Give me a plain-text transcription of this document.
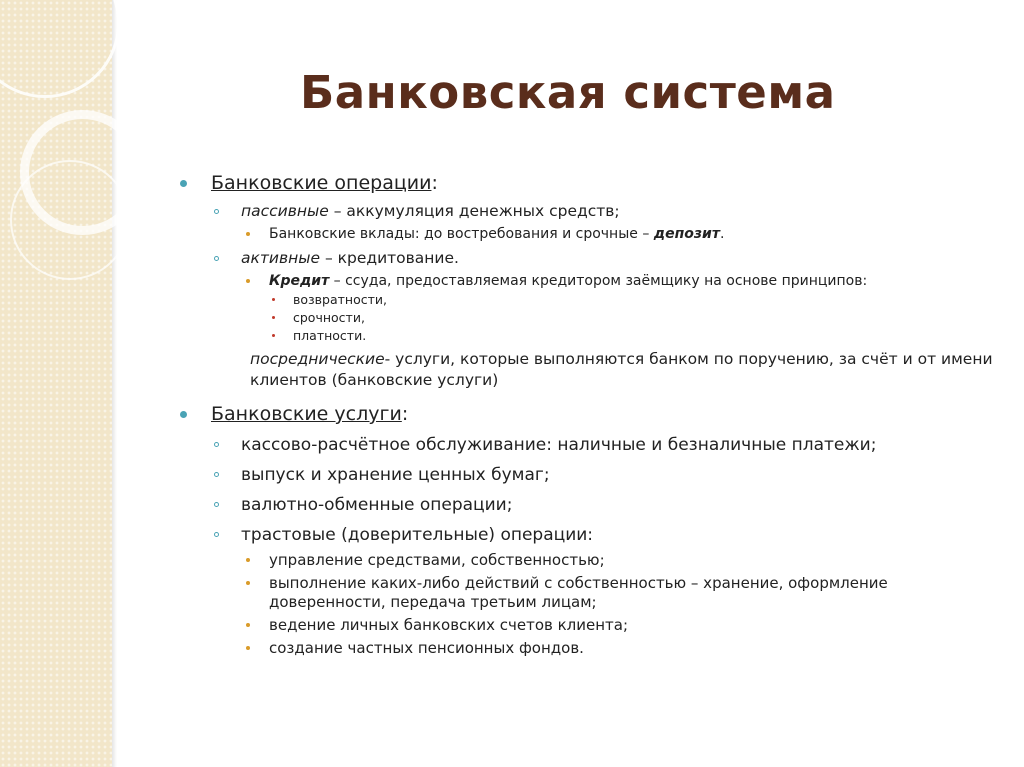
Банковская система
Банковские операции:
пассивные – аккумуляция денежных средств;
Банковские вклады: до востребования и срочные – депозит.
активные – кредитование.
Кредит – ссуда, предоставляемая кредитором заёмщику на основе принципов:
возвратности,
срочности,
платности.
посреднические- услуги, которые выполняются банком по поручению, за счёт и от имени клиентов (банковские услуги)
Банковские услуги:
кассово-расчётное обслуживание: наличные и безналичные платежи;
выпуск и хранение ценных бумаг;
валютно-обменные операции;
трастовые (доверительные) операции:
управление средствами, собственностью;
выполнение каких-либо действий с собственностью – хранение, оформление доверенности, передача третьим лицам;
ведение личных банковских счетов клиента;
создание частных пенсионных фондов.
